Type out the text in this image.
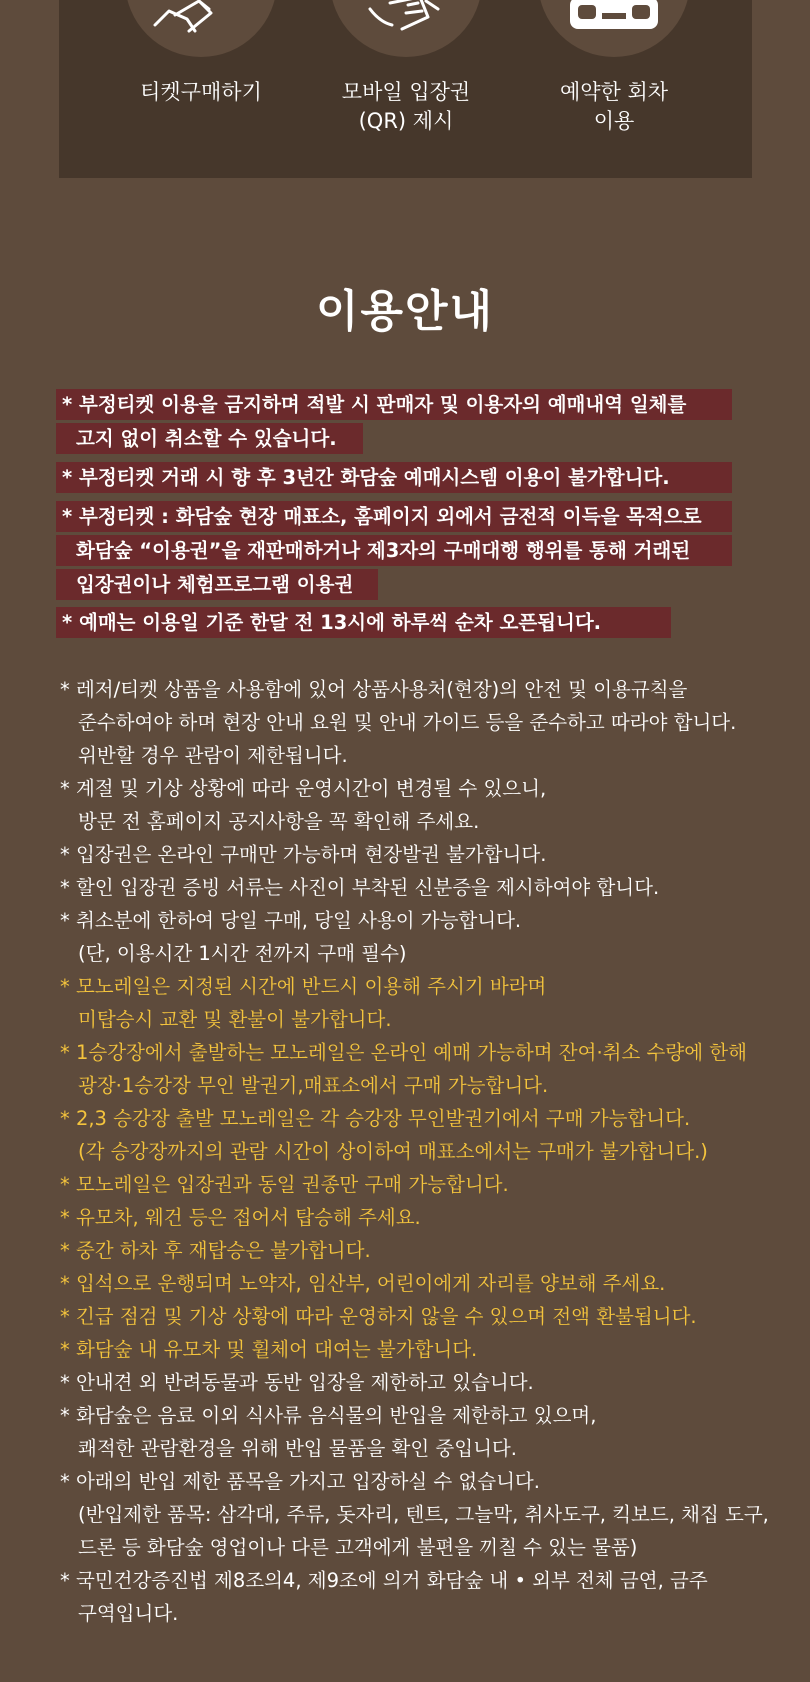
티켓구매하기	모바일 입장권
(QR) 제시
예약한 회차
이용
이용안내
* 부정티켓 이용을 금지하며 적발 시 판매자 및 이용자의 예매내역 일체를
고지 없이 취소할 수 있습니다.
* 부정티켓 거래 시 향 후 3년간 화담숲 예매시스템 이용이 불가합니다.
* 부정티켓 : 화담숲 현장 매표소, 홈페이지 외에서 금전적 이득을 목적으로
화담숲 “이용권”을 재판매하거나 제3자의 구매대행 행위를 통해 거래된
입장권이나 체험프로그램 이용권
* 예매는 이용일 기준 한달 전 13시에 하루씩 순차 오픈됩니다.
* 레저/티켓 상품을 사용함에 있어 상품사용처(현장)의 안전 및 이용규칙을
준수하여야 하며 현장 안내 요원 및 안내 가이드 등을 준수하고 따라야 합니다.
위반할 경우 관람이 제한됩니다.
* 계절 및 기상 상황에 따라 운영시간이 변경될 수 있으니,
방문 전 홈페이지 공지사항을 꼭 확인해 주세요.
* 입장권은 온라인 구매만 가능하며 현장발권 불가합니다.
* 할인 입장권 증빙 서류는 사진이 부착된 신분증을 제시하여야 합니다.
* 취소분에 한하여 당일 구매, 당일 사용이 가능합니다.
(단, 이용시간 1시간 전까지 구매 필수)
* 모노레일은 지정된 시간에 반드시 이용해 주시기 바라며
미탑승시 교환 및 환불이 불가합니다.
* 1승강장에서 출발하는 모노레일은 온라인 예매 가능하며 잔여·취소 수량에 한해
광장·1승강장 무인 발권기,매표소에서 구매 가능합니다.
* 2,3 승강장 출발 모노레일은 각 승강장 무인발권기에서 구매 가능합니다.
(각 승강장까지의 관람 시간이 상이하여 매표소에서는 구매가 불가합니다.)
* 모노레일은 입장권과 동일 권종만 구매 가능합니다.
* 유모차, 웨건 등은 접어서 탑승해 주세요.
* 중간 하차 후 재탑승은 불가합니다.
* 입석으로 운행되며 노약자, 임산부, 어린이에게 자리를 양보해 주세요.
* 긴급 점검 및 기상 상황에 따라 운영하지 않을 수 있으며 전액 환불됩니다.
* 화담숲 내 유모차 및 휠체어 대여는 불가합니다.
* 안내견 외 반려동물과 동반 입장을 제한하고 있습니다.
* 화담숲은 음료 이외 식사류 음식물의 반입을 제한하고 있으며,
쾌적한 관람환경을 위해 반입 물품을 확인 중입니다.
* 아래의 반입 제한 품목을 가지고 입장하실 수 없습니다.
(반입제한 품목: 삼각대, 주류, 돗자리, 텐트, 그늘막, 취사도구, 킥보드, 채집 도구,
드론 등 화담숲 영업이나 다른 고객에게 불편을 끼칠 수 있는 물품)
* 국민건강증진법 제8조의4, 제9조에 의거 화담숲 내 • 외부 전체 금연, 금주
구역입니다.
